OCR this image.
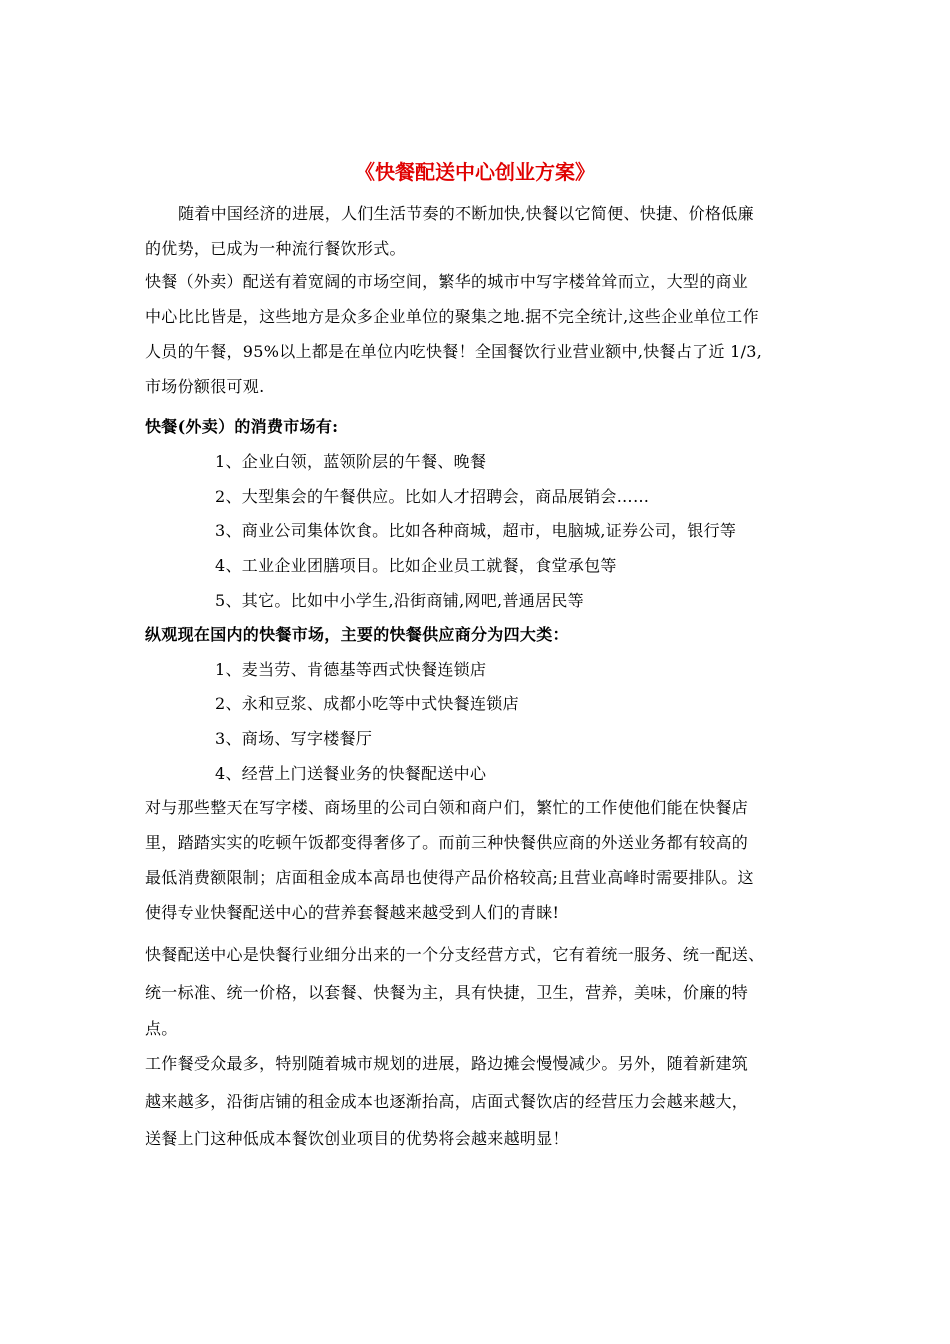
《快餐配送中心创业方案》
随着中国经济的进展，人们生活节奏的不断加快,快餐以它简便、快捷、价格低廉
的优势，已成为一种流行餐饮形式。
快餐（外卖）配送有着宽阔的市场空间，繁华的城市中写字楼耸耸而立，大型的商业
中心比比皆是，这些地方是众多企业单位的聚集之地.据不完全统计,这些企业单位工作
人员的午餐，95%以上都是在单位内吃快餐！全国餐饮行业营业额中,快餐占了近 1/3,
市场份额很可观.
快餐(外卖）的消费市场有:
1、企业白领，蓝领阶层的午餐、晚餐
2、大型集会的午餐供应。比如人才招聘会，商品展销会……
3、商业公司集体饮食。比如各种商城，超市，电脑城,证券公司，银行等
4、工业企业团膳项目。比如企业员工就餐，食堂承包等
5、其它。比如中小学生,沿街商铺,网吧,普通居民等
纵观现在国内的快餐市场，主要的快餐供应商分为四大类：
1、麦当劳、肯德基等西式快餐连锁店
2、永和豆浆、成都小吃等中式快餐连锁店
3、商场、写字楼餐厅
4、经营上门送餐业务的快餐配送中心
对与那些整天在写字楼、商场里的公司白领和商户们，繁忙的工作使他们能在快餐店
里，踏踏实实的吃顿午饭都变得奢侈了。而前三种快餐供应商的外送业务都有较高的
最低消费额限制；店面租金成本高昂也使得产品价格较高;且营业高峰时需要排队。这
使得专业快餐配送中心的营养套餐越来越受到人们的青睐!
快餐配送中心是快餐行业细分出来的一个分支经营方式，它有着统一服务、统一配送、
统一标准、统一价格，以套餐、快餐为主，具有快捷，卫生，营养，美味，价廉的特
点。
工作餐受众最多，特别随着城市规划的进展，路边摊会慢慢减少。另外，随着新建筑
越来越多，沿街店铺的租金成本也逐渐抬高，店面式餐饮店的经营压力会越来越大，
送餐上门这种低成本餐饮创业项目的优势将会越来越明显！
